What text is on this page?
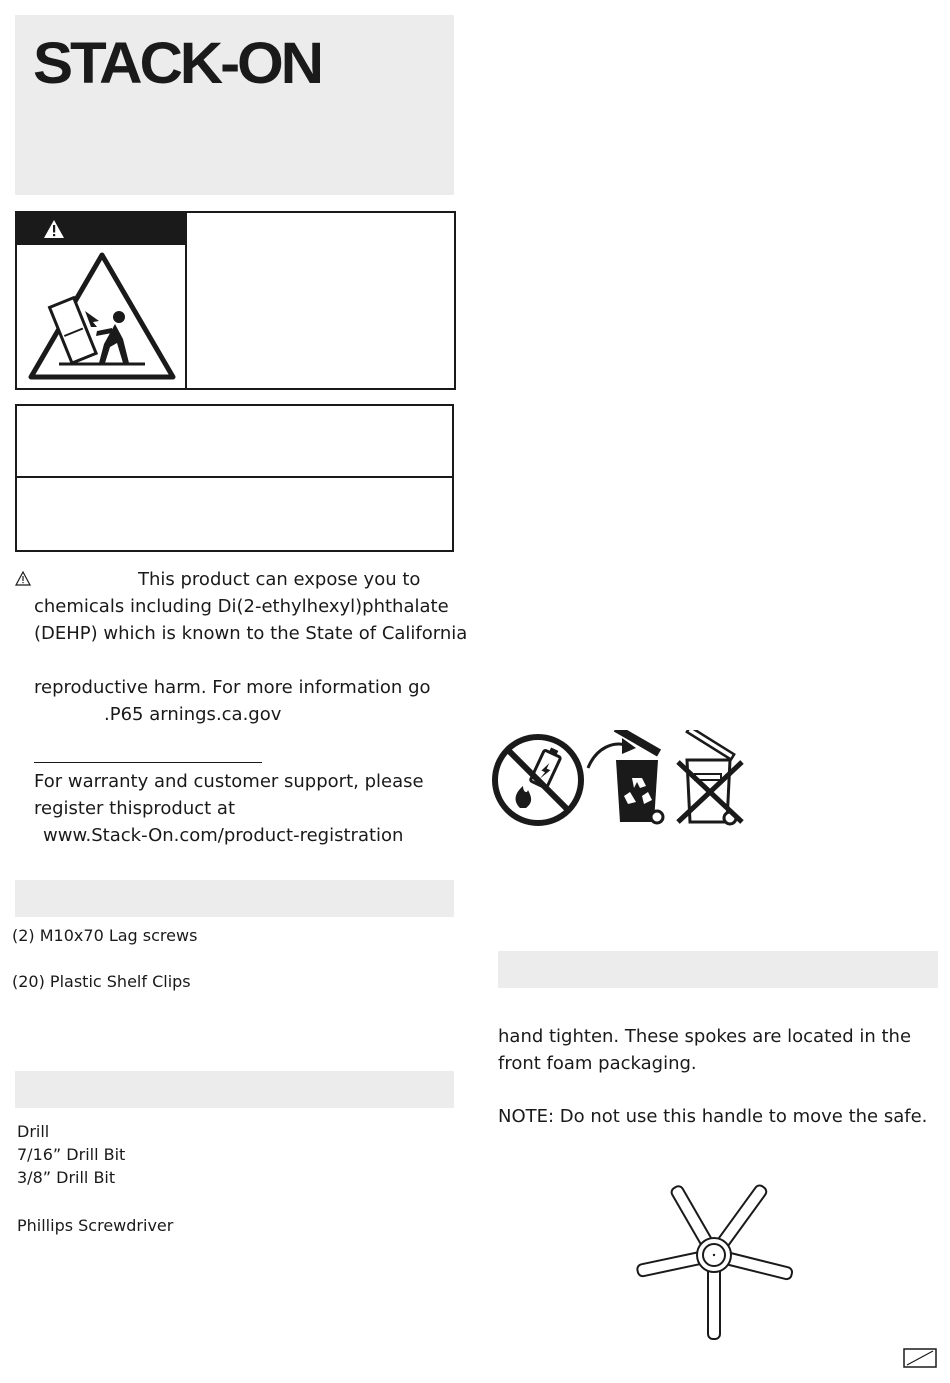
STACK-ON
This product can expose you to
chemicals including Di(2-ethylhexyl)phthalate
(DEHP) which is known to the State of California
reproductive harm. For more information go
.P65 arnings.ca.gov
For warranty and customer support, please
register thisproduct at
www.Stack-On.com/product-registration
(2) M10x70 Lag screws
(20) Plastic Shelf Clips
Drill
7/16” Drill Bit
3/8” Drill Bit
Phillips Screwdriver
hand tighten. These spokes are located in the
front foam packaging.
NOTE: Do not use this handle to move the safe.
